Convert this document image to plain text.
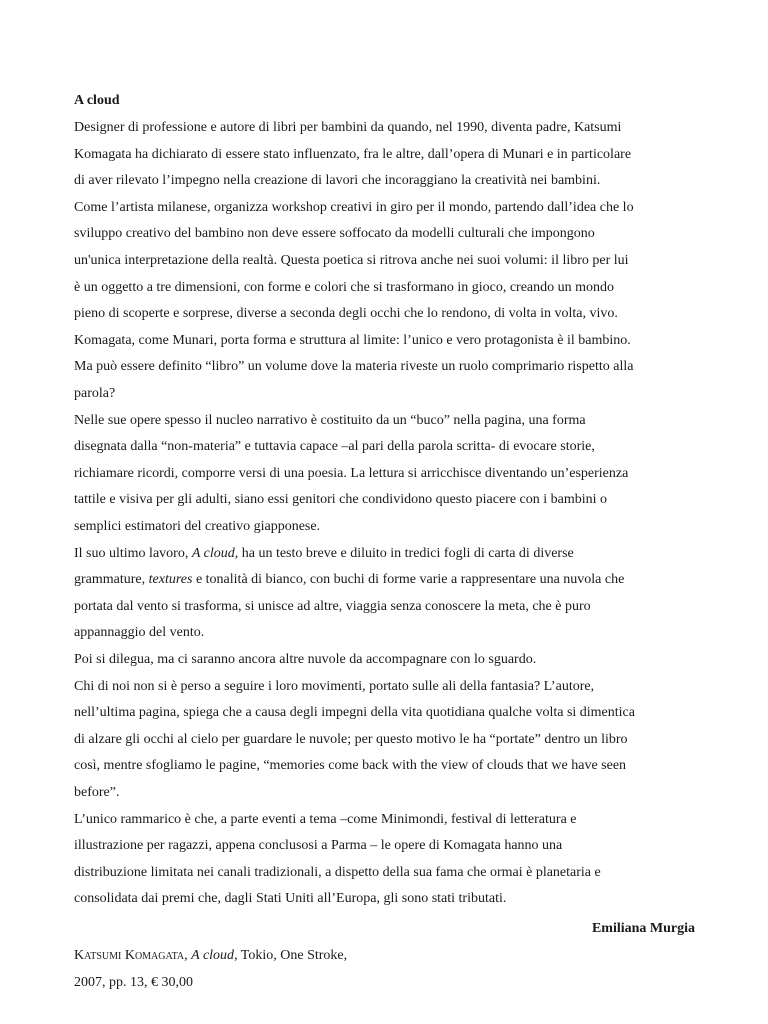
A cloud
Designer di professione e autore di libri per bambini da quando, nel 1990, diventa padre, Katsumi
Komagata ha dichiarato di essere stato influenzato, fra le altre, dall’opera di Munari e in particolare
di aver rilevato l’impegno nella creazione di lavori che incoraggiano la creatività nei bambini.
Come l’artista milanese, organizza workshop creativi in giro per il mondo, partendo dall’idea che lo
sviluppo creativo del bambino non deve essere soffocato da modelli culturali che impongono
un'unica interpretazione della realtà. Questa poetica si ritrova anche nei suoi volumi: il libro per lui
è un oggetto a tre dimensioni, con forme e colori che si trasformano in gioco, creando un mondo
pieno di scoperte e sorprese, diverse a seconda degli occhi che lo rendono, di volta in volta, vivo.
Komagata, come Munari, porta forma e struttura al limite: l’unico e vero protagonista è il bambino.
Ma può essere definito “libro” un volume dove la materia riveste un ruolo comprimario rispetto alla
parola?
Nelle sue opere spesso il nucleo narrativo è costituito da un “buco” nella pagina, una forma
disegnata dalla “non-materia” e tuttavia capace –al pari della parola scritta- di evocare storie,
richiamare ricordi, comporre versi di una poesia. La lettura si arricchisce diventando un’esperienza
tattile e visiva per gli adulti, siano essi genitori che condividono questo piacere con i bambini o
semplici estimatori del creativo giapponese.
Il suo ultimo lavoro, A cloud, ha un testo breve e diluito in tredici fogli di carta di diverse
grammature, textures e tonalità di bianco, con buchi di forme varie a rappresentare una nuvola che
portata dal vento si trasforma, si unisce ad altre, viaggia senza conoscere la meta, che è puro
appannaggio del vento.
Poi si dilegua, ma ci saranno ancora altre nuvole da accompagnare con lo sguardo.
Chi di noi non si è perso a seguire i loro movimenti, portato sulle ali della fantasia? L’autore,
nell’ultima pagina, spiega che a causa degli impegni della vita quotidiana qualche volta si dimentica
di alzare gli occhi al cielo per guardare le nuvole; per questo motivo le ha “portate” dentro un libro
così, mentre sfogliamo le pagine, “memories come back with the view of clouds that we have seen
before”.
L’unico rammarico è che, a parte eventi a tema –come Minimondi, festival di letteratura e
illustrazione per ragazzi, appena conclusosi a Parma – le opere di Komagata hanno una
distribuzione limitata nei canali tradizionali, a dispetto della sua fama che ormai è planetaria e
consolidata dai premi che, dagli Stati Uniti all’Europa, gli sono stati tributati.
Emiliana Murgia
Katsumi Komagata, A cloud, Tokio, One Stroke,
2007, pp. 13, € 30,00
